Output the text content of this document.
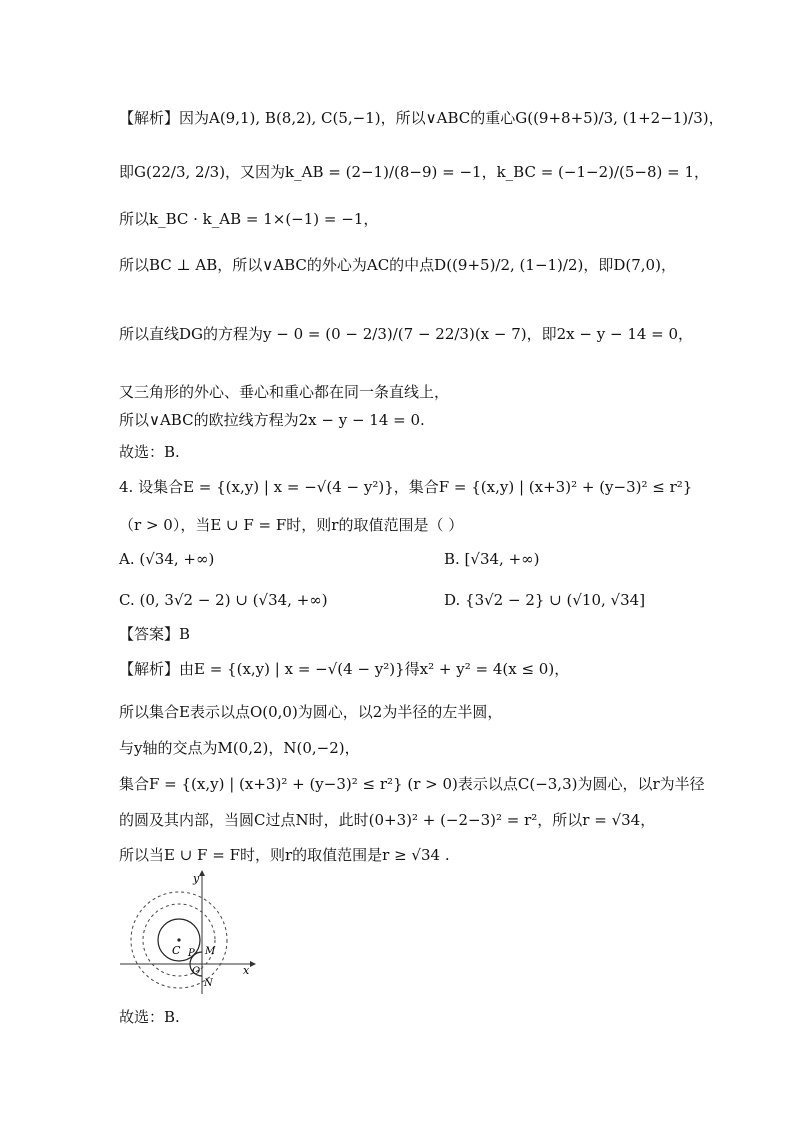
【解析】因为A(9,1), B(8,2), C(5,−1)，所以∨ABC的重心G((9+8+5)/3, (1+2−1)/3)，
即G(22/3, 2/3)，又因为k_AB = (2−1)/(8−9) = −1，k_BC = (−1−2)/(5−8) = 1，
所以k_BC · k_AB = 1×(−1) = −1，
所以BC ⊥ AB，所以∨ABC的外心为AC的中点D((9+5)/2, (1−1)/2)，即D(7,0)，
所以直线DG的方程为y − 0 = (0 − 2/3)/(7 − 22/3)(x − 7)，即2x − y − 14 = 0，
又三角形的外心、垂心和重心都在同一条直线上，
所以∨ABC的欧拉线方程为2x − y − 14 = 0.
故选：B.
4. 设集合E = {(x,y) | x = −√(4 − y²)}，集合F = {(x,y) | (x+3)² + (y−3)² ≤ r²}
（r > 0），当E ∪ F = F时，则r的取值范围是（ ）
A. (√34, +∞)	B. [√34, +∞)
C. (0, 3√2 − 2) ∪ (√34, +∞)	D. {3√2 − 2} ∪ (√10, √34]
【答案】B
【解析】由E = {(x,y) | x = −√(4 − y²)}得x² + y² = 4(x ≤ 0)，
所以集合E表示以点O(0,0)为圆心，以2为半径的左半圆，
与y轴的交点为M(0,2)，N(0,−2)，
集合F = {(x,y) | (x+3)² + (y−3)² ≤ r²} (r > 0)表示以点C(−3,3)为圆心，以r为半径
的圆及其内部，当圆C过点N时，此时(0+3)² + (−2−3)² = r²，所以r = √34，
所以当E ∪ F = F时，则r的取值范围是r ≥ √34 .
y
x
C P M
O
N
故选：B.
